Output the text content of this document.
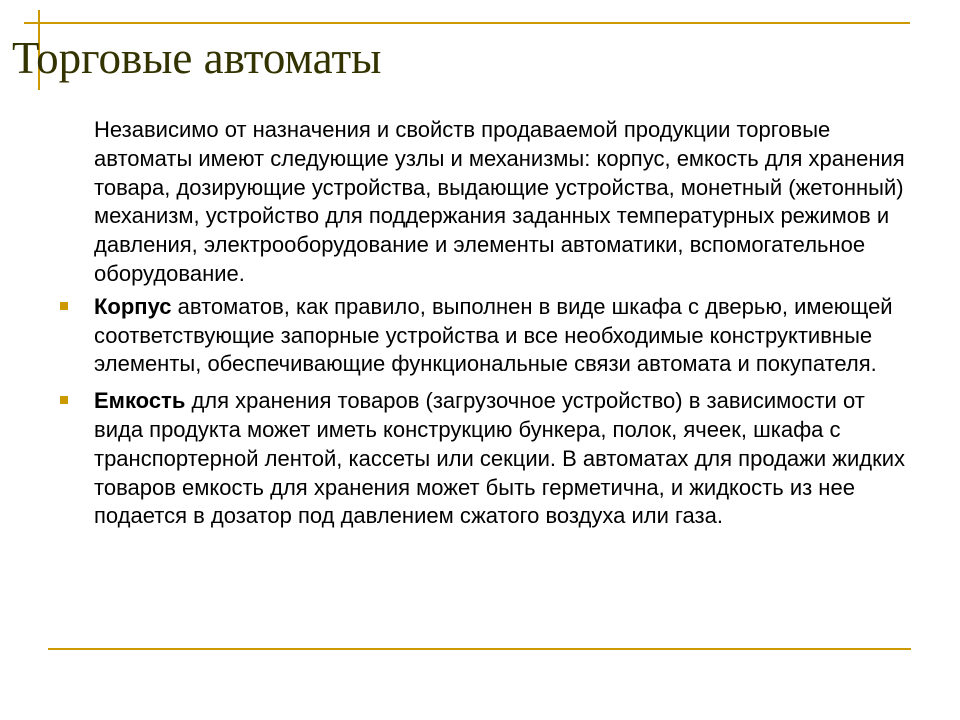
Торговые автоматы

Независимо от назначения и свойств продаваемой продукции торговые автоматы имеют следующие узлы и механизмы: корпус, емкость для хранения товара, дозирующие устройства, выдающие устройства, монетный (жетонный) механизм, устройство для поддержания заданных температурных режимов и давления, электрооборудование и элементы автоматики, вспомогательное оборудование.

Корпус автоматов, как правило, выполнен в виде шкафа с дверью, имеющей соответствующие запорные устройства и все необходимые конструктивные элементы, обеспечивающие функциональные связи автомата и покупателя.

Емкость для хранения товаров (загрузочное устройство) в зависимости от вида продукта может иметь конструкцию бункера, полок, ячеек, шкафа с транспортерной лентой, кассеты или секции. В автоматах для продажи жидких товаров емкость для хранения может быть герметична, и жидкость из нее подается в дозатор под давлением сжатого воздуха или газа.
